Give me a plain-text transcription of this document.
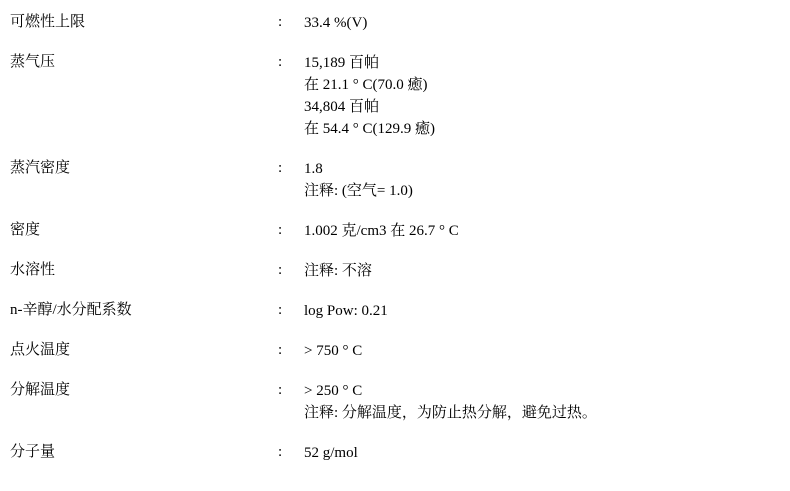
可燃性上限	:	33.4 %(V)

蒸气压	:	15,189 百帕
在 21.1 ° C(70.0 癒)
34,804 百帕
在 54.4 ° C(129.9 癒)

蒸汽密度	:	1.8
注释: (空气= 1.0)

密度	:	1.002 克/cm3 在 26.7 ° C

水溶性	:	注释: 不溶

n-辛醇/水分配系数	:	log Pow: 0.21

点火温度	:	> 750 ° C

分解温度	:	> 250 ° C
注释: 分解温度，为防止热分解，避免过热。

分子量	:	52 g/mol
